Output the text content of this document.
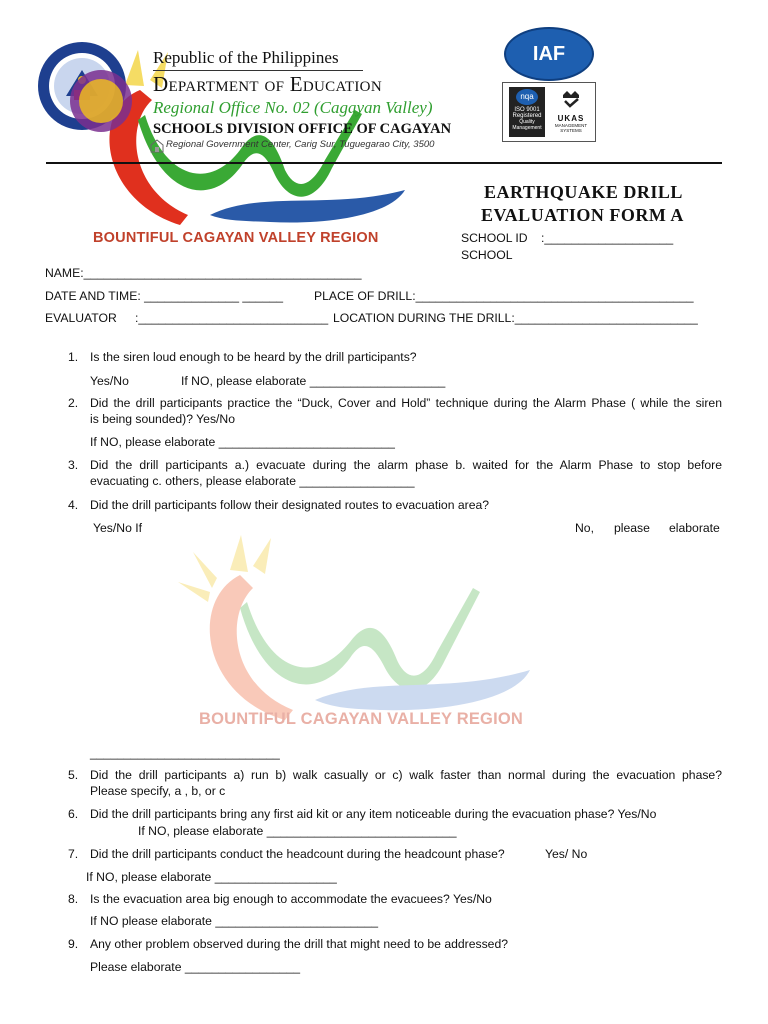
Republic of the Philippines
Department of Education
Regional Office No. 02 (Cagayan Valley)
SCHOOLS DIVISION OFFICE OF CAGAYAN
Regional Government Center, Carig Sur, Tuguegarao City, 3500
IAF
nqa
ISO 9001
Registered
Quality Management
UKAS
MANAGEMENT SYSTEMS
BOUNTIFUL CAGAYAN VALLEY REGION
EARTHQUAKE DRILL
EVALUATION FORM A
SCHOOL ID :___________________
SCHOOL
NAME:_________________________________________
DATE AND TIME: ______________ ______	PLACE OF DRILL:_________________________________________
EVALUATOR :____________________________ LOCATION DURING THE DRILL:___________________________
BOUNTIFUL CAGAYAN VALLEY REGION
1. Is the siren loud enough to be heard by the drill participants?
Yes/No	If NO, please elaborate ____________________
2. Did the drill participants practice the “Duck, Cover and Hold” technique during the Alarm Phase ( while the siren
is being sounded)? Yes/No
If NO, please elaborate __________________________
3. Did the drill participants a.) evacuate during the alarm phase b. waited for the Alarm Phase to stop before
evacuating c. others, please elaborate _________________
4. Did the drill participants follow their designated routes to evacuation area?
Yes/No If	No, please elaborate
____________________________
5. Did the drill participants a) run b) walk casually or c) walk faster than normal during the evacuation phase?
Please specify, a , b, or c
6. Did the drill participants bring any first aid kit or any item noticeable during the evacuation phase? Yes/No
If NO, please elaborate ____________________________
7. Did the drill participants conduct the headcount during the headcount phase?	Yes/ No
If NO, please elaborate __________________
8. Is the evacuation area big enough to accommodate the evacuees? Yes/No
If NO please elaborate ________________________
9. Any other problem observed during the drill that might need to be addressed?
Please elaborate _________________
